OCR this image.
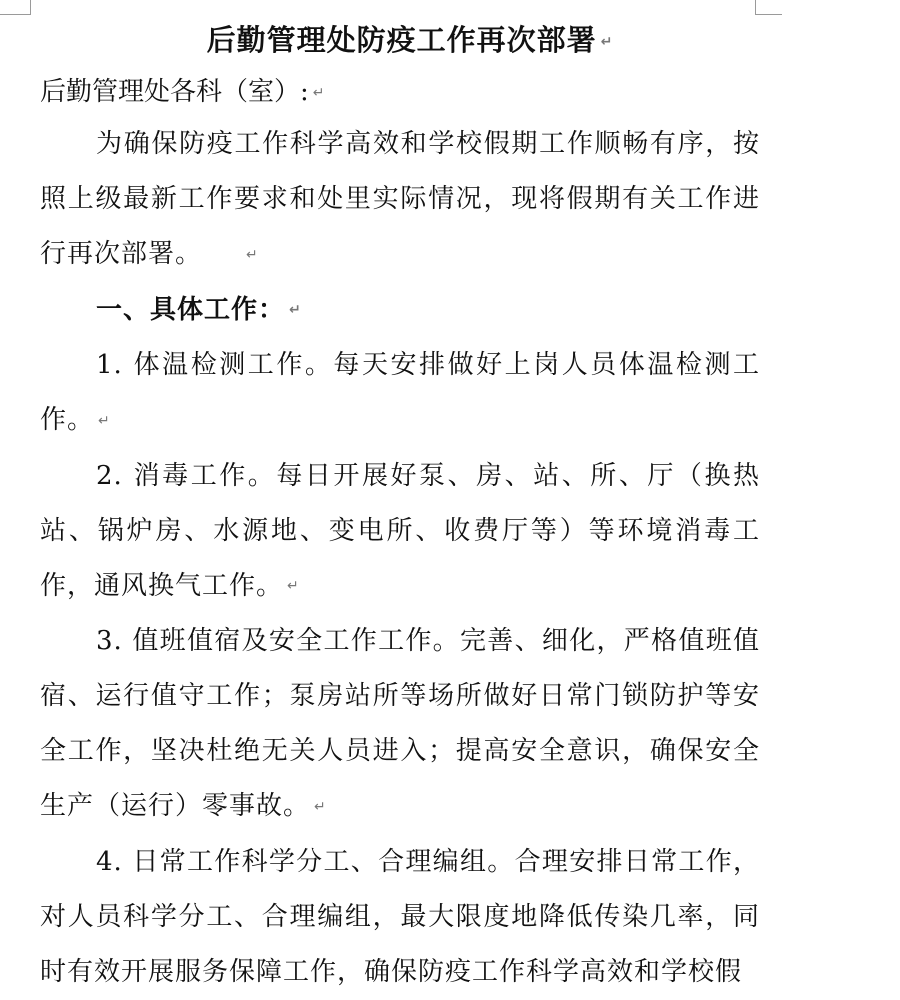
后勤管理处防疫工作再次部署 ↵

后勤管理处各科（室）: ↵

为确保防疫工作科学高效和学校假期工作顺畅有序，按照上级最新工作要求和处里实际情况，现将假期有关工作进行再次部署。	↵

一、具体工作： ↵

1. 体温检测工作。每天安排做好上岗人员体温检测工作。 ↵

2. 消毒工作。每日开展好泵、房、站、所、厅（换热站、锅炉房、水源地、变电所、收费厅等）等环境消毒工作，通风换气工作。 ↵

3. 值班值宿及安全工作工作。完善、细化，严格值班值宿、运行值守工作；泵房站所等场所做好日常门锁防护等安全工作，坚决杜绝无关人员进入；提高安全意识，确保安全生产（运行）零事故。 ↵

4. 日常工作科学分工、合理编组。合理安排日常工作，对人员科学分工、合理编组，最大限度地降低传染几率，同时有效开展服务保障工作，确保防疫工作科学高效和学校假
